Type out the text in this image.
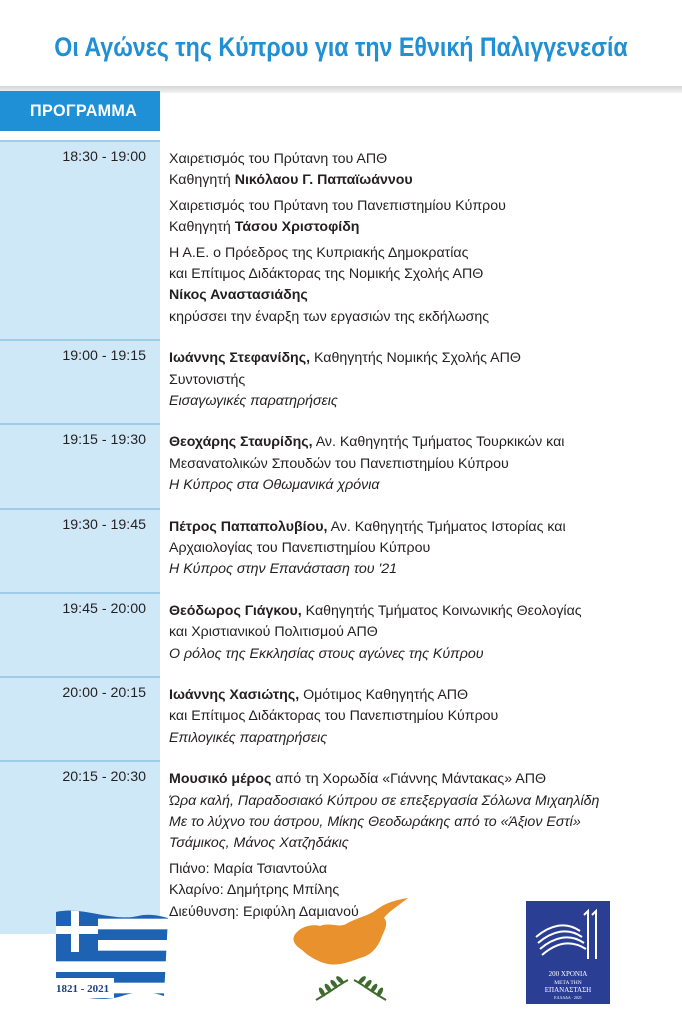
Οι Αγώνες της Κύπρου για την Εθνική Παλιγγενεσία
ΠΡΟΓΡΑΜΜΑ
18:30 - 19:00	Χαιρετισμός του Πρύτανη του ΑΠΘ
Καθηγητή Νικόλαου Γ. Παπαϊωάννου
Χαιρετισμός του Πρύτανη του Πανεπιστημίου Κύπρου
Καθηγητή Τάσου Χριστοφίδη
Η Α.Ε. ο Πρόεδρος της Κυπριακής Δημοκρατίας
και Επίτιμος Διδάκτορας της Νομικής Σχολής ΑΠΘ
Νίκος Αναστασιάδης
κηρύσσει την έναρξη των εργασιών της εκδήλωσης
19:00 - 19:15	Ιωάννης Στεφανίδης, Καθηγητής Νομικής Σχολής ΑΠΘ
Συντονιστής
Εισαγωγικές παρατηρήσεις
19:15 - 19:30	Θεοχάρης Σταυρίδης, Αν. Καθηγητής Τμήματος Τουρκικών και
Μεσανατολικών Σπουδών του Πανεπιστημίου Κύπρου
Η Κύπρος στα Οθωμανικά χρόνια
19:30 - 19:45	Πέτρος Παπαπολυβίου, Αν. Καθηγητής Τμήματος Ιστορίας και
Αρχαιολογίας του Πανεπιστημίου Κύπρου
Η Κύπρος στην Επανάσταση του '21
19:45 - 20:00	Θεόδωρος Γιάγκου, Καθηγητής Τμήματος Κοινωνικής Θεολογίας
και Χριστιανικού Πολιτισμού ΑΠΘ
Ο ρόλος της Εκκλησίας στους αγώνες της Κύπρου
20:00 - 20:15	Ιωάννης Χασιώτης, Ομότιμος Καθηγητής ΑΠΘ
και Επίτιμος Διδάκτορας του Πανεπιστημίου Κύπρου
Επιλογικές παρατηρήσεις
20:15 - 20:30	Μουσικό μέρος από τη Χορωδία «Γιάννης Μάντακας» ΑΠΘ
Ώρα καλή, Παραδοσιακό Κύπρου σε επεξεργασία Σόλωνα Μιχαηλίδη
Με το λύχνο του άστρου, Μίκης Θεοδωράκης από το «Άξιον Εστί»
Τσάμικος, Μάνος Χατζηδάκις
Πιάνο: Μαρία Τσιαντούλα
Κλαρίνο: Δημήτρης Μπίλης
Διεύθυνση: Εριφύλη Δαμιανού
1821 - 2021
200 ΧΡΟΝΙΑ
ΜΕΤΑ ΤΗΝ
ΕΠΑΝΑΣΤΑΣΗ
ΕΛΛΑΔΑ · 2021
